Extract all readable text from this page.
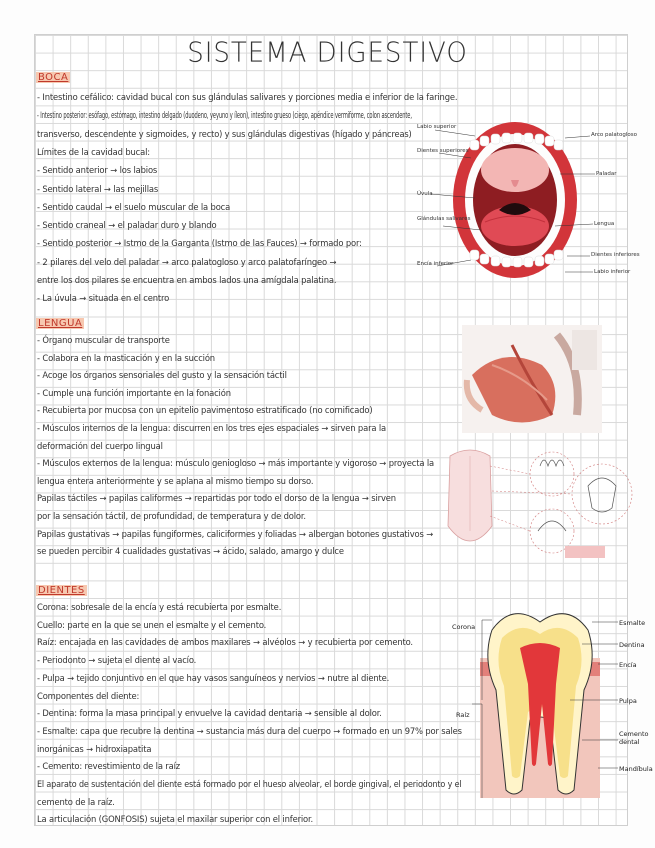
SISTEMA DIGESTIVO
BOCA
- Intestino cefálico: cavidad bucal con sus glándulas salivares y porciones media e inferior de la faringe.
- Intestino posterior: esófago, estómago, intestino delgado (duodeno, yeyuno y íleon), intestino grueso (ciego, apéndice vermiforme, colon ascendente,
transverso, descendente y sigmoides, y recto) y sus glándulas digestivas (hígado y páncreas)
Límites de la cavidad bucal:
- Sentido anterior → los labios
- Sentido lateral → las mejillas
- Sentido caudal → el suelo muscular de la boca
- Sentido craneal → el paladar duro y blando
- Sentido posterior → Istmo de la Garganta (Istmo de las Fauces) → formado por:
- 2 pilares del velo del paladar → arco palatogloso y arco palatofaríngeo →
entre los dos pilares se encuentra en ambos lados una amígdala palatina.
- La úvula → situada en el centro
LENGUA
- Órgano muscular de transporte
- Colabora en la masticación y en la succión
- Acoge los órganos sensoriales del gusto y la sensación táctil
- Cumple una función importante en la fonación
- Recubierta por mucosa con un epitelio pavimentoso estratificado (no cornificado)
- Músculos internos de la lengua: discurren en los tres ejes espaciales → sirven para la
deformación del cuerpo lingual
- Músculos externos de la lengua: músculo geniogloso → más importante y vigoroso → proyecta la
lengua entera anteriormente y se aplana al mismo tiempo su dorso.
Papilas táctiles → papilas califormes → repartidas por todo el dorso de la lengua → sirven
por la sensación táctil, de profundidad, de temperatura y de dolor.
Papilas gustativas → papilas fungiformes, caliciformes y foliadas → albergan botones gustativos →
se pueden percibir 4 cualidades gustativas → ácido, salado, amargo y dulce
DIENTES
Corona: sobresale de la encía y está recubierta por esmalte.
Cuello: parte en la que se unen el esmalte y el cemento.
Raíz: encajada en las cavidades de ambos maxilares → alvéolos → y recubierta por cemento.
- Periodonto → sujeta el diente al vacío.
- Pulpa → tejido conjuntivo en el que hay vasos sanguíneos y nervios → nutre al diente.
Componentes del diente:
- Dentina: forma la masa principal y envuelve la cavidad dentaria → sensible al dolor.
- Esmalte: capa que recubre la dentina → sustancia más dura del cuerpo → formado en un 97% por sales
inorgánicas → hidroxiapatita
- Cemento: revestimiento de la raíz
El aparato de sustentación del diente está formado por el hueso alveolar, el borde gingival, el periodonto y el
cemento de la raíz.
La articulación (GONFOSIS) sujeta el maxilar superior con el inferior.
Labio superior
Dientes superiores
Úvula
Glándulas salivares
Encía inferior
Arco palatogloso
Paladar
Lengua
Dientes inferiores
Labio inferior
Corona
Raíz
Esmalte
Dentina
Encía
Pulpa
Cemento dental
Mandíbula
